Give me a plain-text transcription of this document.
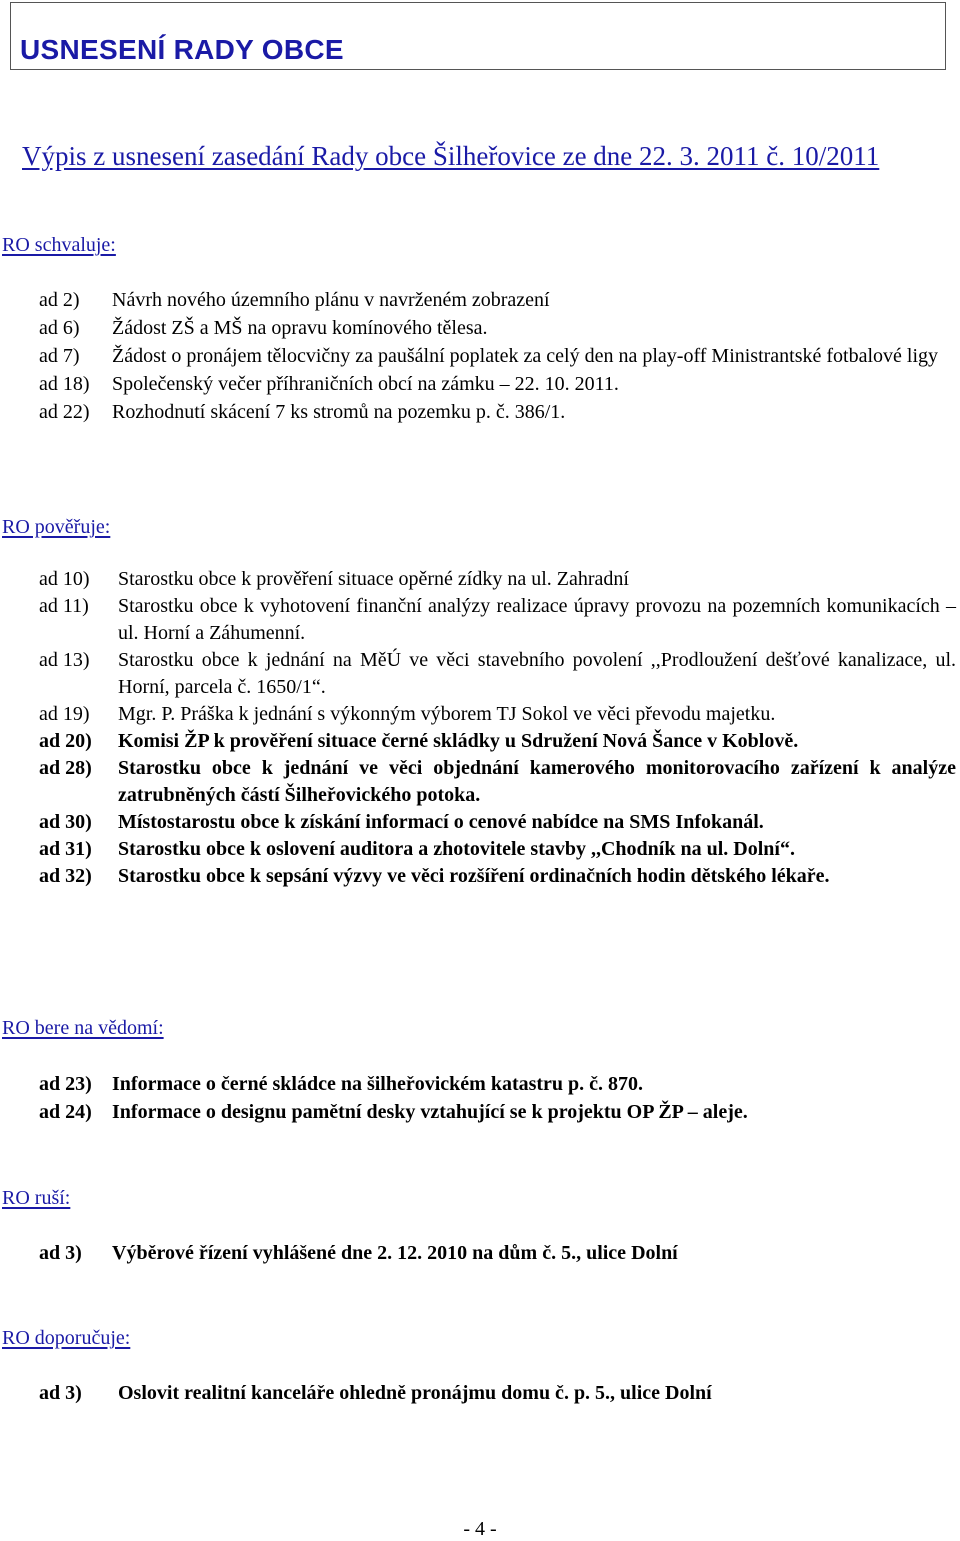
USNESENÍ RADY OBCE

Výpis z usnesení zasedání Rady obce Šilheřovice ze dne 22. 3. 2011 č. 10/2011

RO schvaluje:

ad 2)	Návrh nového územního plánu v navrženém zobrazení
ad 6)	Žádost ZŠ a MŠ na opravu komínového tělesa.
ad 7)	Žádost o pronájem tělocvičny za paušální poplatek za celý den na play-off Ministrantské fotbalové ligy
ad 18)	Společenský večer příhraničních obcí na zámku – 22. 10. 2011.
ad 22)	Rozhodnutí skácení 7 ks stromů na pozemku p. č. 386/1.

RO pověřuje:

ad 10)	Starostku obce k prověření situace opěrné zídky na ul. Zahradní
ad 11)	Starostku obce k vyhotovení finanční analýzy realizace úpravy provozu na pozemních komunikacích – ul. Horní a Záhumenní.
ad 13)	Starostku obce k jednání na MěÚ ve věci stavebního povolení ,,Prodloužení dešťové kanalizace, ul. Horní, parcela č. 1650/1“.
ad 19)	Mgr. P. Práška k jednání s výkonným výborem TJ Sokol ve věci převodu majetku.
ad 20)	Komisi ŽP k prověření situace černé skládky u Sdružení Nová Šance v Koblově.
ad 28)	Starostku obce k jednání ve věci objednání kamerového monitorovacího zařízení k analýze zatrubněných částí Šilheřovického potoka.
ad 30)	Místostarostu obce k získání informací o cenové nabídce na SMS Infokanál.
ad 31)	Starostku obce k oslovení auditora a zhotovitele stavby ,,Chodník na ul. Dolní“.
ad 32)	Starostku obce k sepsání výzvy ve věci rozšíření ordinačních hodin dětského lékaře.

RO bere na vědomí:

ad 23)	Informace o černé skládce na šilheřovickém katastru p. č. 870.
ad 24)	Informace o designu pamětní desky vztahující se k projektu OP ŽP – aleje.

RO ruší:

ad 3)	Výběrové řízení vyhlášené dne 2. 12. 2010 na dům č. 5., ulice Dolní

RO doporučuje:

ad 3)	Oslovit realitní kanceláře ohledně pronájmu domu č. p. 5., ulice Dolní
- 4 -
